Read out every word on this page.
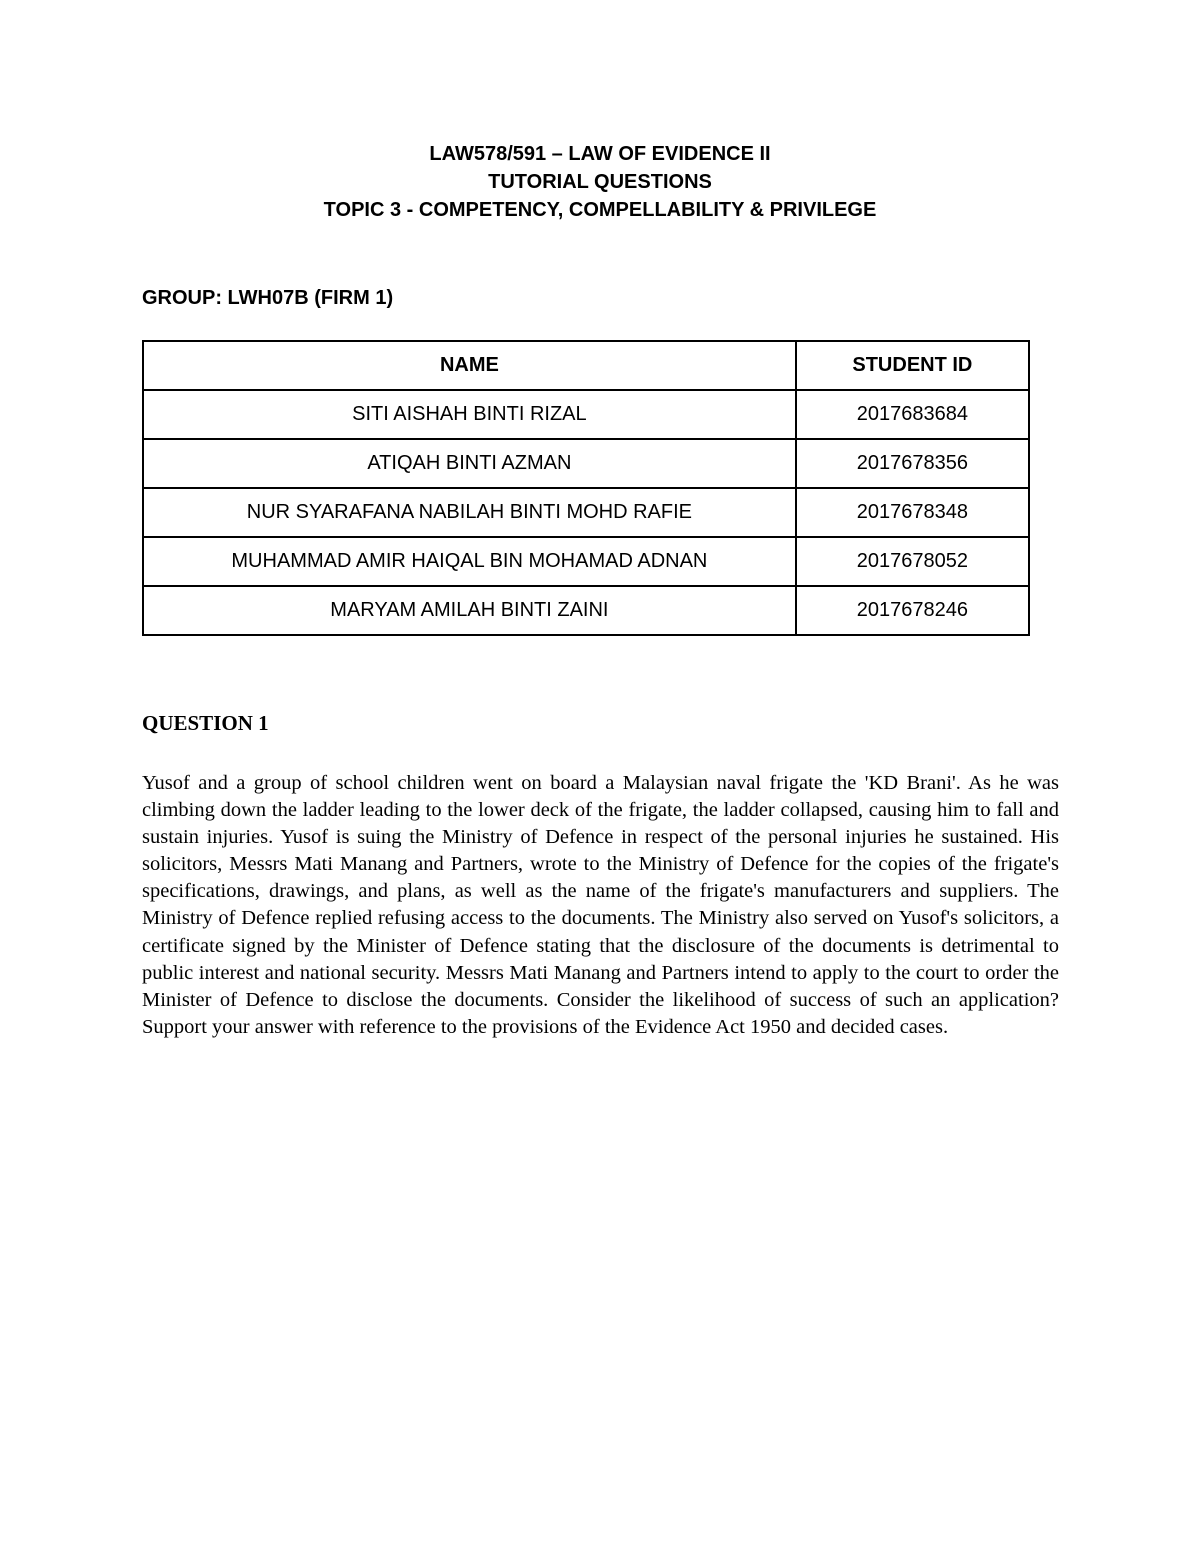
LAW578/591 – LAW OF EVIDENCE II
TUTORIAL QUESTIONS
TOPIC 3 - COMPETENCY, COMPELLABILITY & PRIVILEGE
GROUP: LWH07B (FIRM 1)
NAME	STUDENT ID
SITI AISHAH BINTI RIZAL	2017683684
ATIQAH BINTI AZMAN	2017678356
NUR SYARAFANA NABILAH BINTI MOHD RAFIE	2017678348
MUHAMMAD AMIR HAIQAL BIN MOHAMAD ADNAN	2017678052
MARYAM AMILAH BINTI ZAINI	2017678246
QUESTION 1
Yusof and a group of school children went on board a Malaysian naval frigate the 'KD Brani'. As he was climbing down the ladder leading to the lower deck of the frigate, the ladder collapsed, causing him to fall and sustain injuries. Yusof is suing the Ministry of Defence in respect of the personal injuries he sustained. His solicitors, Messrs Mati Manang and Partners, wrote to the Ministry of Defence for the copies of the frigate's specifications, drawings, and plans, as well as the name of the frigate's manufacturers and suppliers. The Ministry of Defence replied refusing access to the documents. The Ministry also served on Yusof's solicitors, a certificate signed by the Minister of Defence stating that the disclosure of the documents is detrimental to public interest and national security. Messrs Mati Manang and Partners intend to apply to the court to order the Minister of Defence to disclose the documents. Consider the likelihood of success of such an application? Support your answer with reference to the provisions of the Evidence Act 1950 and decided cases.
